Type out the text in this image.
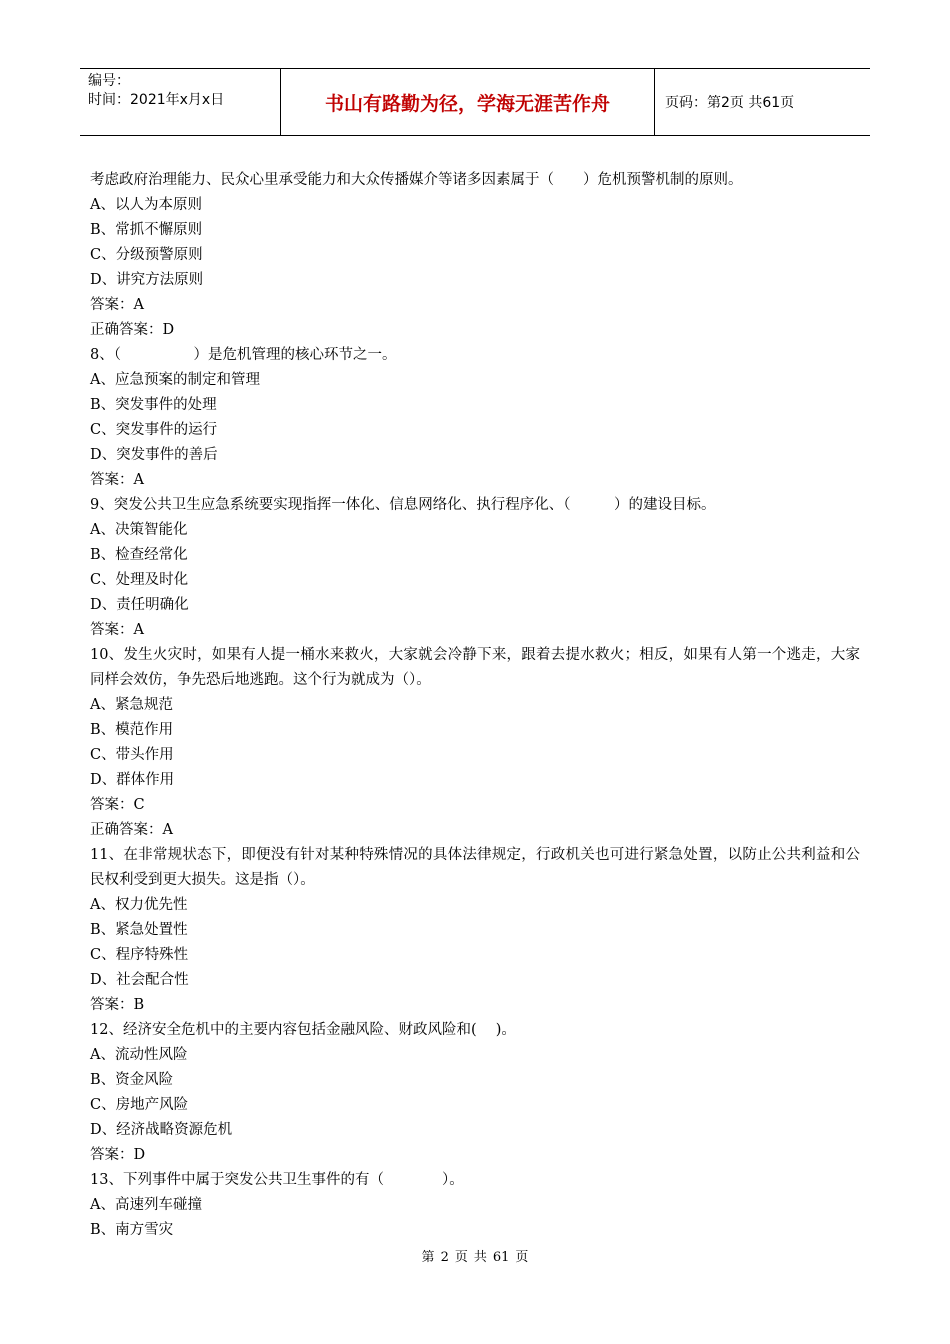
编号：
时间：2021年x月x日	书山有路勤为径，学海无涯苦作舟	页码：第2页 共61页

考虑政府治理能力、民众心里承受能力和大众传播媒介等诸多因素属于（　　）危机预警机制的原则。

A、以人为本原则

B、常抓不懈原则

C、分级预警原则

D、讲究方法原则

答案：A

正确答案：D

8、（　　　　　）是危机管理的核心环节之一。

A、应急预案的制定和管理

B、突发事件的处理

C、突发事件的运行

D、突发事件的善后

答案：A

9、突发公共卫生应急系统要实现指挥一体化、信息网络化、执行程序化、（　　　）的建设目标。

A、决策智能化

B、检查经常化

C、处理及时化

D、责任明确化

答案：A

10、发生火灾时，如果有人提一桶水来救火，大家就会冷静下来，跟着去提水救火；相反，如果有人第一个逃走，大家同样会效仿，争先恐后地逃跑。这个行为就成为（）。

A、紧急规范

B、模范作用

C、带头作用

D、群体作用

答案：C

正确答案：A

11、在非常规状态下，即便没有针对某种特殊情况的具体法律规定，行政机关也可进行紧急处置，以防止公共利益和公民权利受到更大损失。这是指（）。

A、权力优先性

B、紧急处置性

C、程序特殊性

D、社会配合性

答案：B

12、经济安全危机中的主要内容包括金融风险、财政风险和(　 )。

A、流动性风险

B、资金风险

C、房地产风险

D、经济战略资源危机

答案：D

13、下列事件中属于突发公共卫生事件的有（　　　　）。

A、高速列车碰撞

B、南方雪灾

第 2 页 共 61 页
